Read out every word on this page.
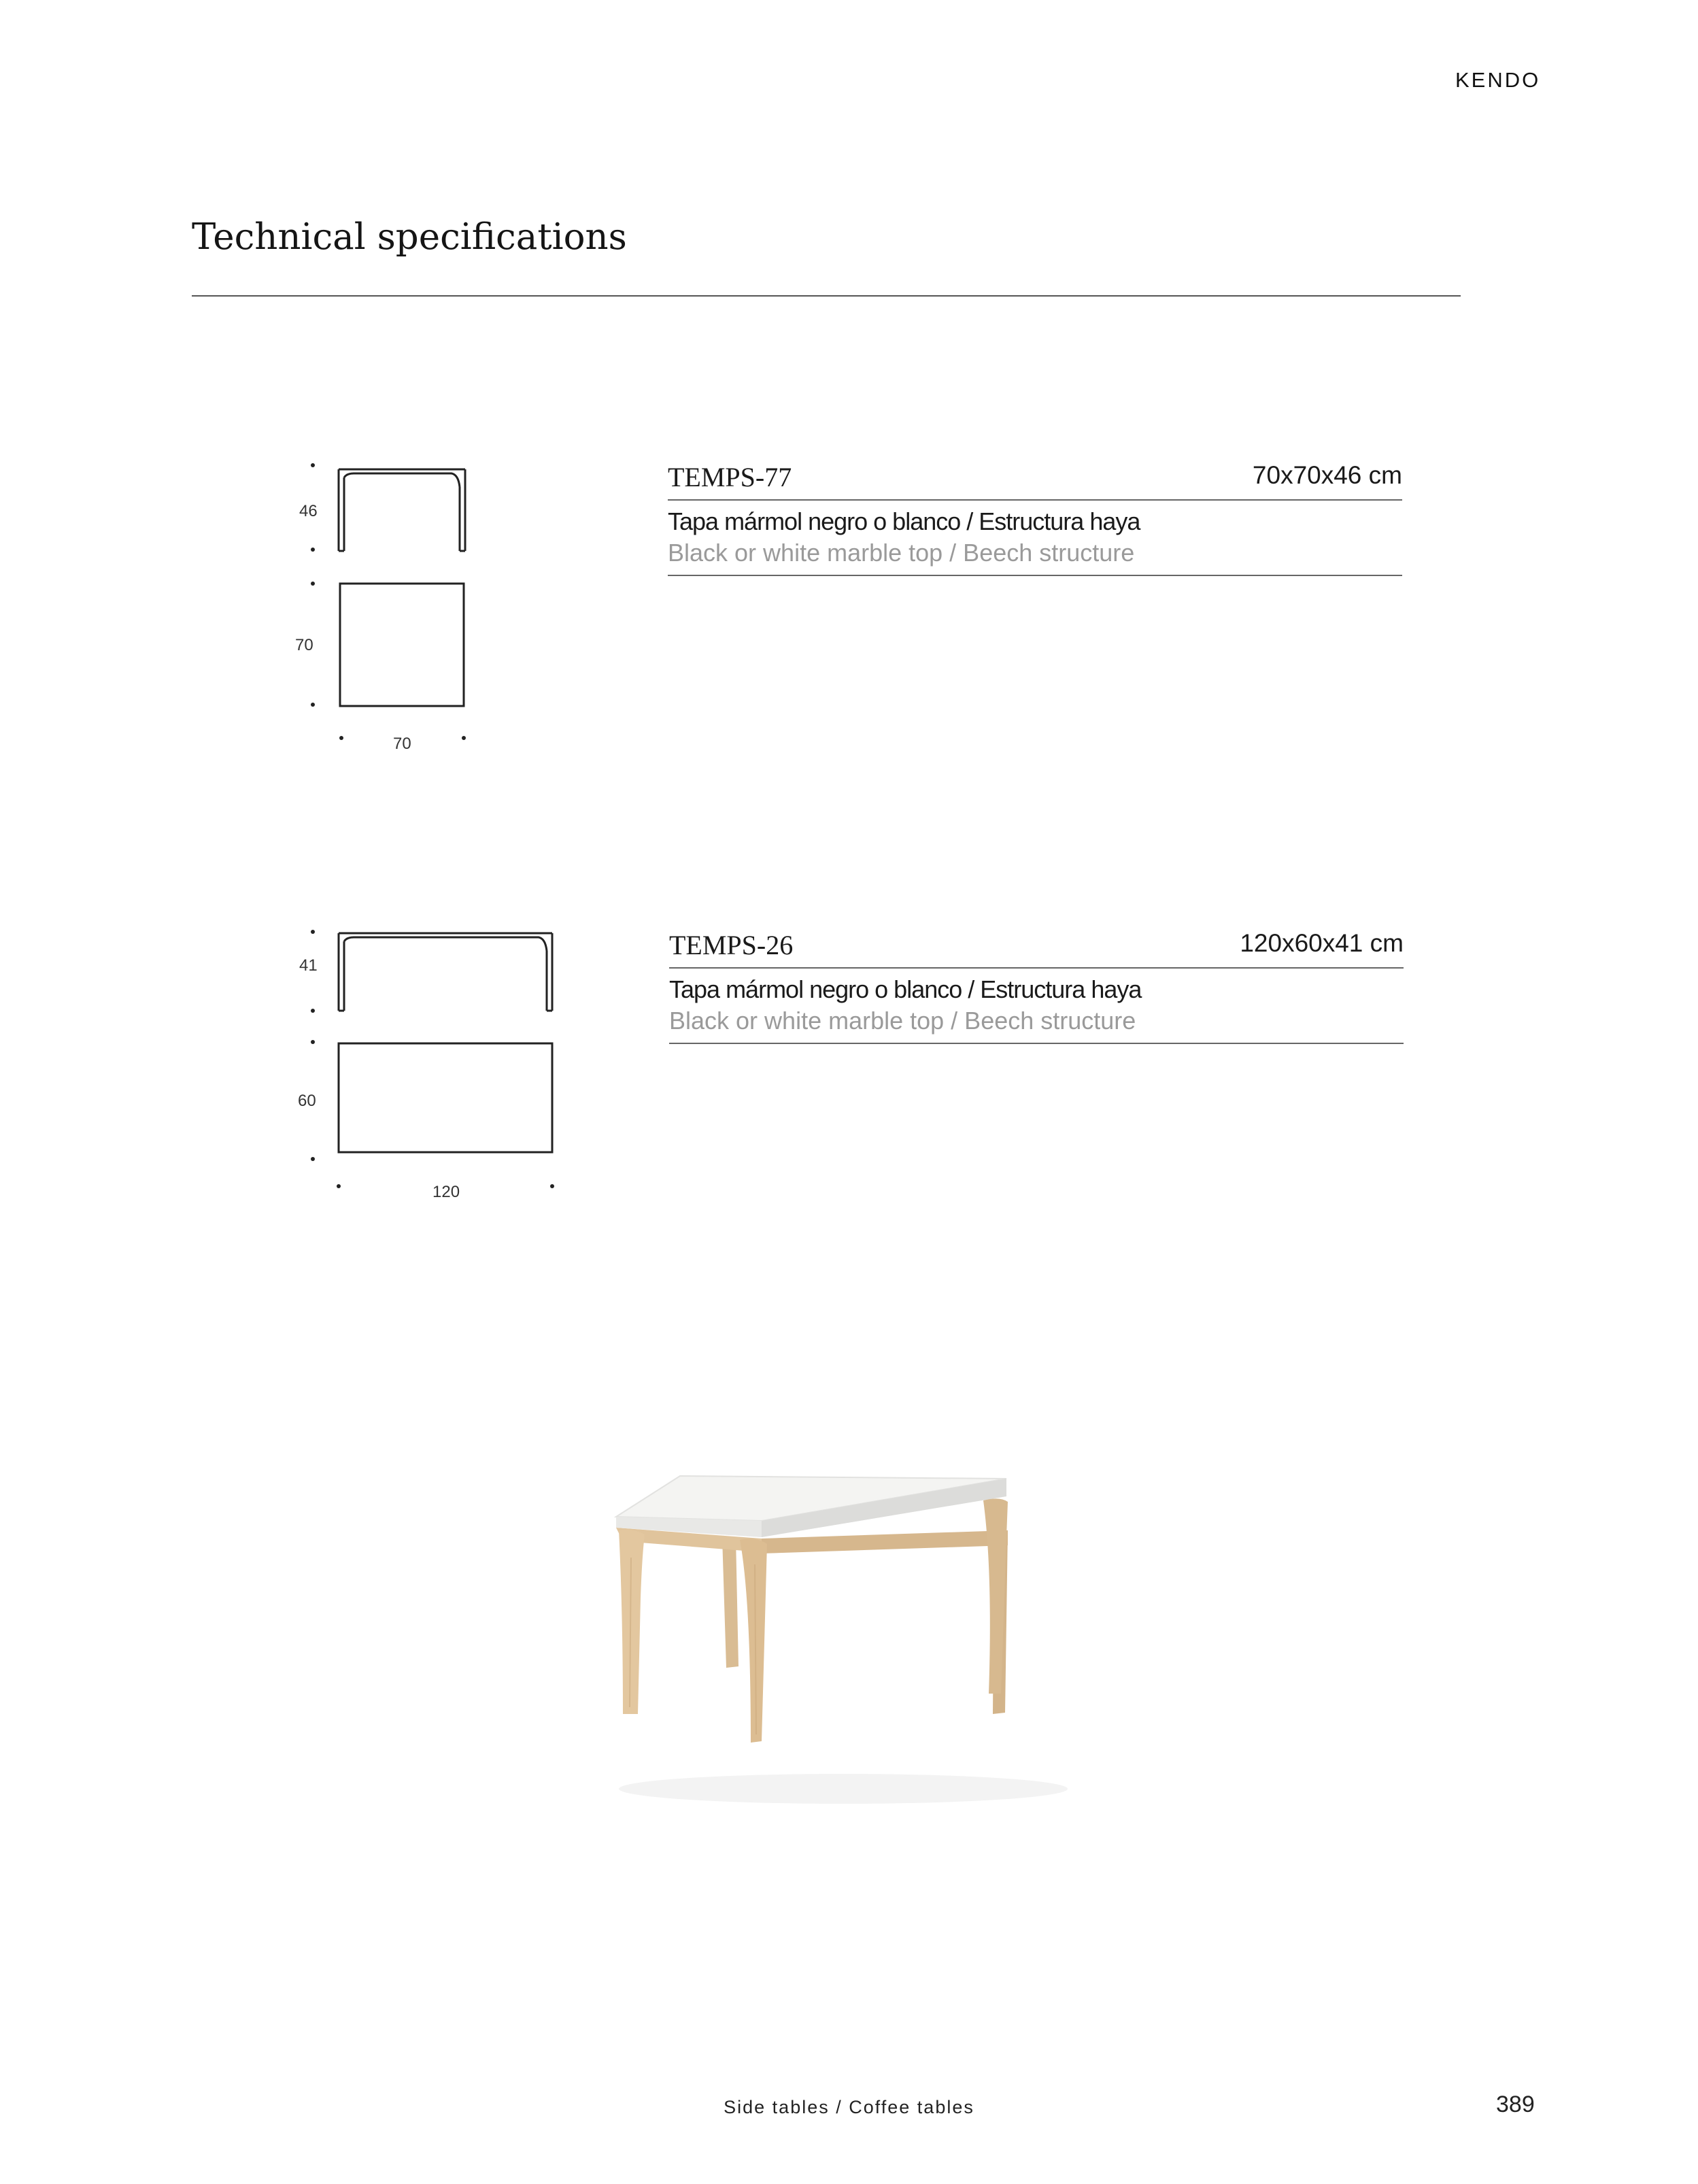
KENDO
Technical specifications
46
70
70
TEMPS-77	70x70x46 cm
Tapa mármol negro o blanco / Estructura haya
Black or white marble top / Beech structure
41
60
120
TEMPS-26	120x60x41 cm
Tapa mármol negro o blanco / Estructura haya
Black or white marble top / Beech structure
Side tables / Coffee tables	389
